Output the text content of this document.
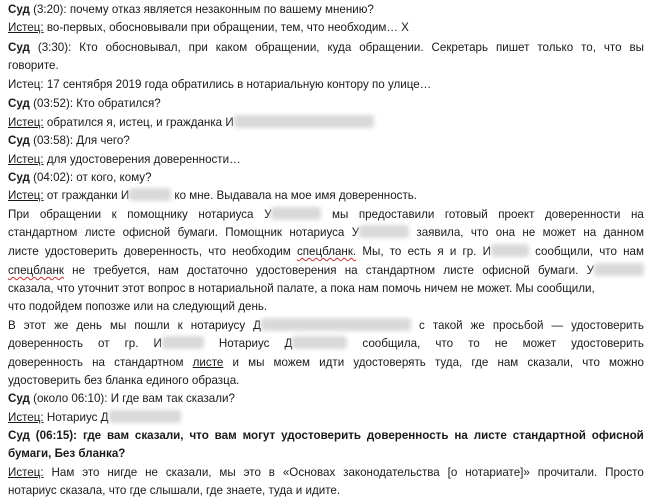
Суд (3:20): почему отказ является незаконным по вашему мнению?
Истец: во-первых, обосновывали при обращении, тем, что необходим… Х
Суд (3:30): Кто обосновывал, при каком обращении, куда обращении. Секретарь пишет только то, что вы
говорите.
Истец: 17 сентября 2019 года обратились в нотариальную контору по улице…
Суд (03:52): Кто обратился?
Истец: обратился я, истец, и гражданка И
Суд (03:58): Для чего?
Истец: для удостоверения доверенности…
Суд (04:02): от кого, кому?
Истец: от гражданки И	ко мне. Выдавала на мое имя доверенность.
При обращении к помощнику нотариуса У	мы предоставили готовый проект доверенности на
стандартном листе офисной бумаги. Помощник нотариуса У	заявила, что она не может на данном
листе удостоверить доверенность, что необходим спецбланк. Мы, то есть я и гр. И	сообщили, что нам
спецбланк не требуется, нам достаточно удостоверения на стандартном листе офисной бумаги. У
сказала, что уточнит этот вопрос в нотариальной палате, а пока нам помочь ничем не может. Мы сообщили,
что подойдем попозже или на следующий день.
В этот же день мы пошли к нотариусу Д	с такой же просьбой — удостоверить
доверенность от гр. И	Нотариус Д	сообщила, что то не может удостоверить
доверенность на стандартном листе и мы можем идти удостоверять туда, где нам сказали, что можно
удостоверить без бланка единого образца.
Суд (около 06:10): И где вам так сказали?
Истец: Нотариус Д
Суд (06:15): где вам сказали, что вам могут удостоверить доверенность на листе стандартной офисной
бумаги, Без бланка?
Истец: Нам это нигде не сказали, мы это в «Основах законодательства [о нотариате]» прочитали. Просто
нотариус сказала, что где слышали, где знаете, туда и идите.
